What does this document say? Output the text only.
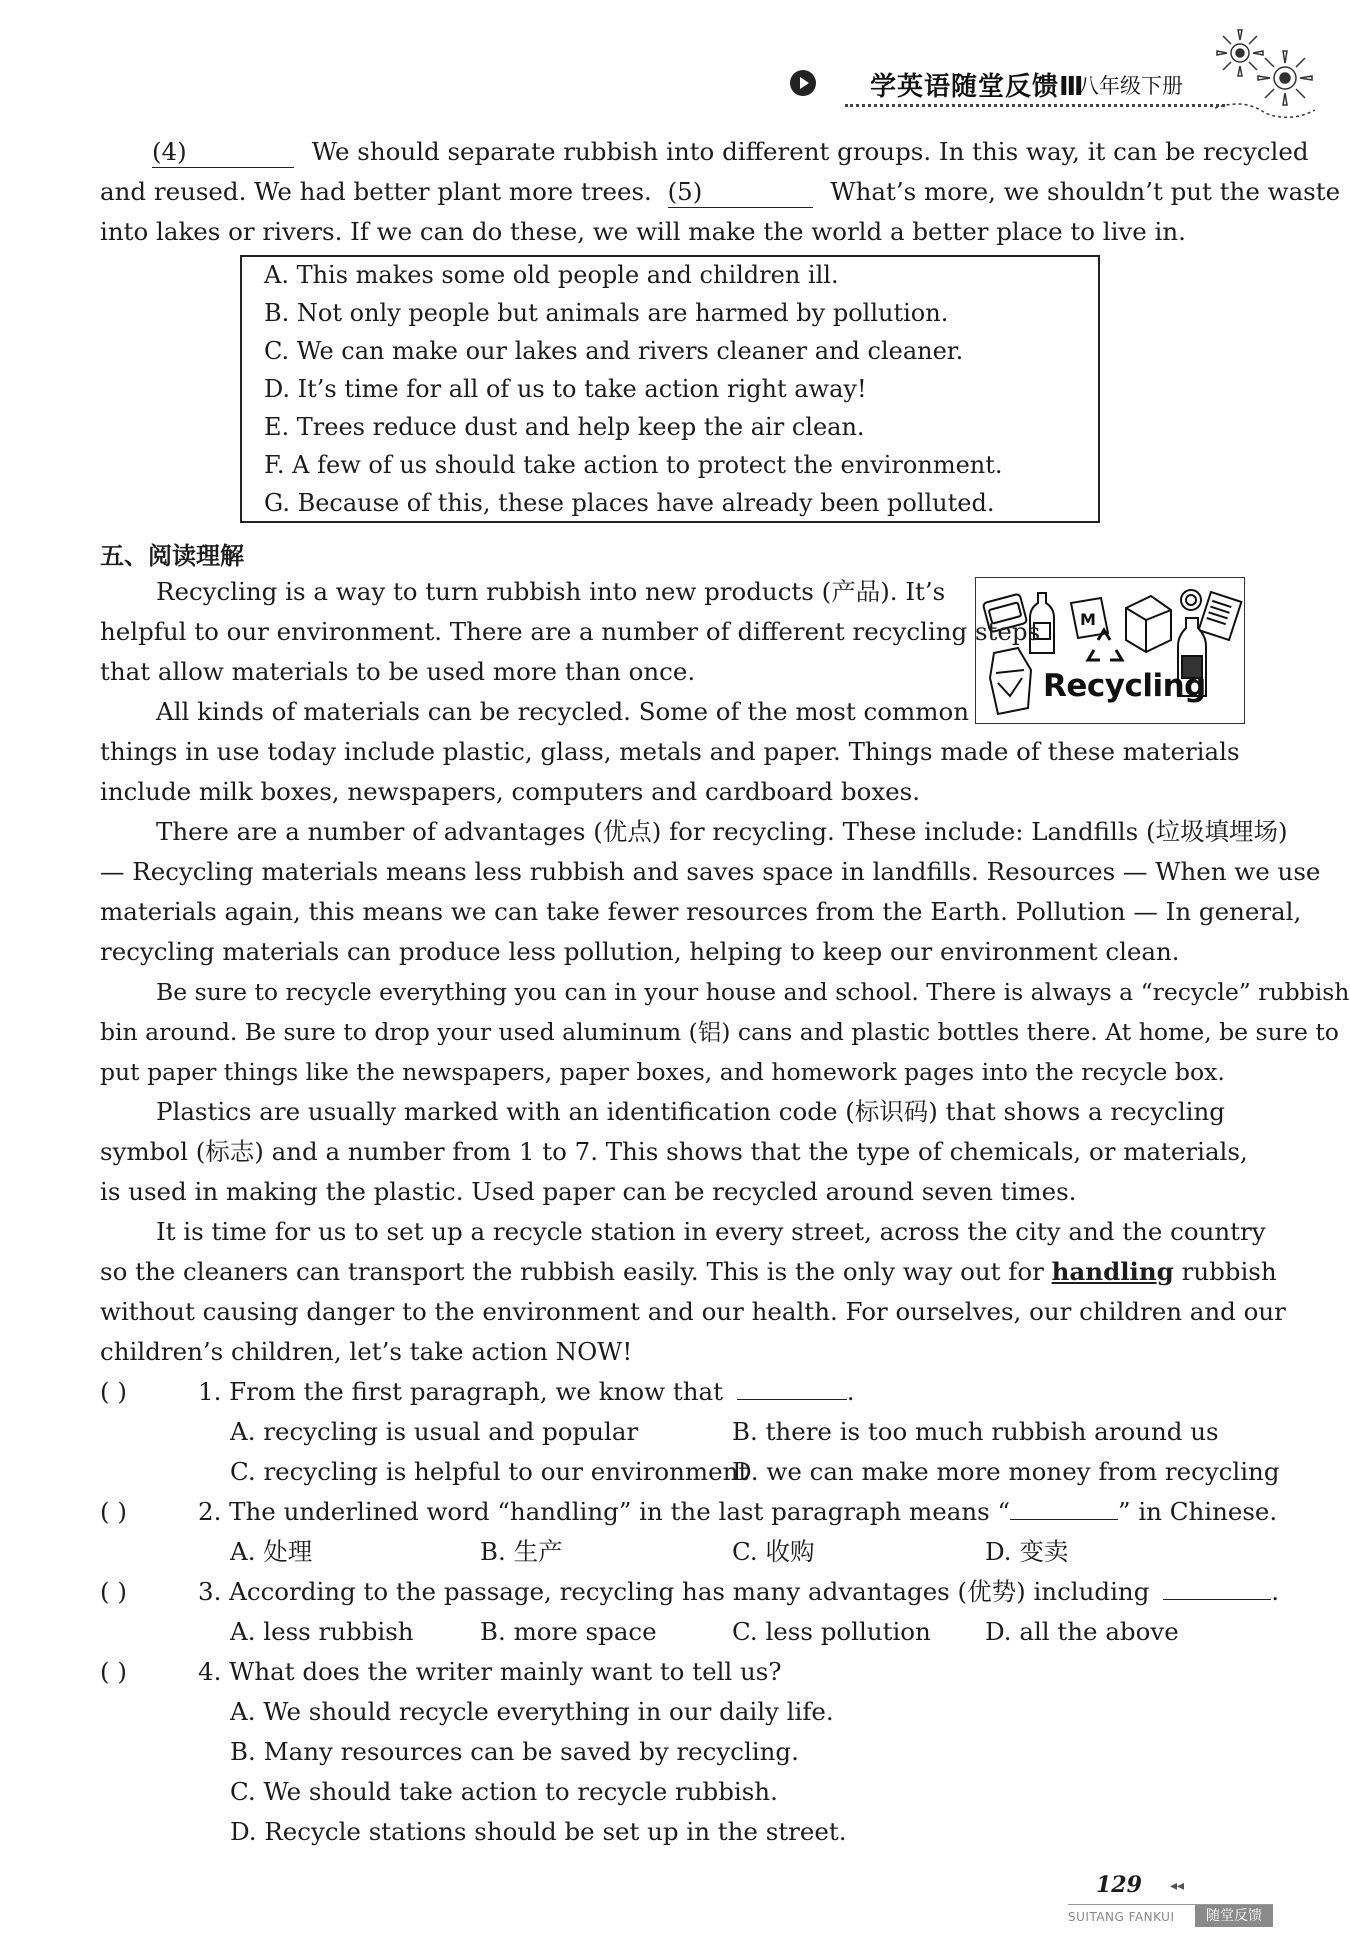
学英语随堂反馈Ⅲ
八年级下册
(4)	We should separate rubbish into different groups. In this way, it can be recycled
and reused. We had better plant more trees. (5)	What’s more, we shouldn’t put the waste
into lakes or rivers. If we can do these, we will make the world a better place to live in.
A. This makes some old people and children ill.
B. Not only people but animals are harmed by pollution.
C. We can make our lakes and rivers cleaner and cleaner.
D. It’s time for all of us to take action right away!
E. Trees reduce dust and help keep the air clean.
F. A few of us should take action to protect the environment.
G. Because of this, these places have already been polluted.
五、阅读理解
M
Recycling
Recycling is a way to turn rubbish into new products (产品). It’s
helpful to our environment. There are a number of different recycling steps
that allow materials to be used more than once.
All kinds of materials can be recycled. Some of the most common
things in use today include plastic, glass, metals and paper. Things made of these materials
include milk boxes, newspapers, computers and cardboard boxes.
There are a number of advantages (优点) for recycling. These include: Landfills (垃圾填埋场)
— Recycling materials means less rubbish and saves space in landfills. Resources — When we use
materials again, this means we can take fewer resources from the Earth. Pollution — In general,
recycling materials can produce less pollution, helping to keep our environment clean.
Be sure to recycle everything you can in your house and school. There is always a “recycle” rubbish
bin around. Be sure to drop your used aluminum (铝) cans and plastic bottles there. At home, be sure to
put paper things like the newspapers, paper boxes, and homework pages into the recycle box.
Plastics are usually marked with an identification code (标识码) that shows a recycling
symbol (标志) and a number from 1 to 7. This shows that the type of chemicals, or materials,
is used in making the plastic. Used paper can be recycled around seven times.
It is time for us to set up a recycle station in every street, across the city and the country
so the cleaners can transport the rubbish easily. This is the only way out for handling rubbish
without causing danger to the environment and our health. For ourselves, our children and our
children’s children, let’s take action NOW!
( )	1. From the first paragraph, we know that	.
A. recycling is usual and popular	B. there is too much rubbish around us
C. recycling is helpful to our environment
D. we can make more money from recycling
( )	2. The underlined word “handling” in the last paragraph means “	” in Chinese.
A. 处理	B. 生产	C. 收购	D. 变卖
( )	3. According to the passage, recycling has many advantages (优势) including	.
A. less rubbish	B. more space	C. less pollution D. all the above
( )	4. What does the writer mainly want to tell us?
A. We should recycle everything in our daily life.
B. Many resources can be saved by recycling.
C. We should take action to recycle rubbish.
D. Recycle stations should be set up in the street.
129 ◂◂
SUITANG FANKUI	随堂反馈
